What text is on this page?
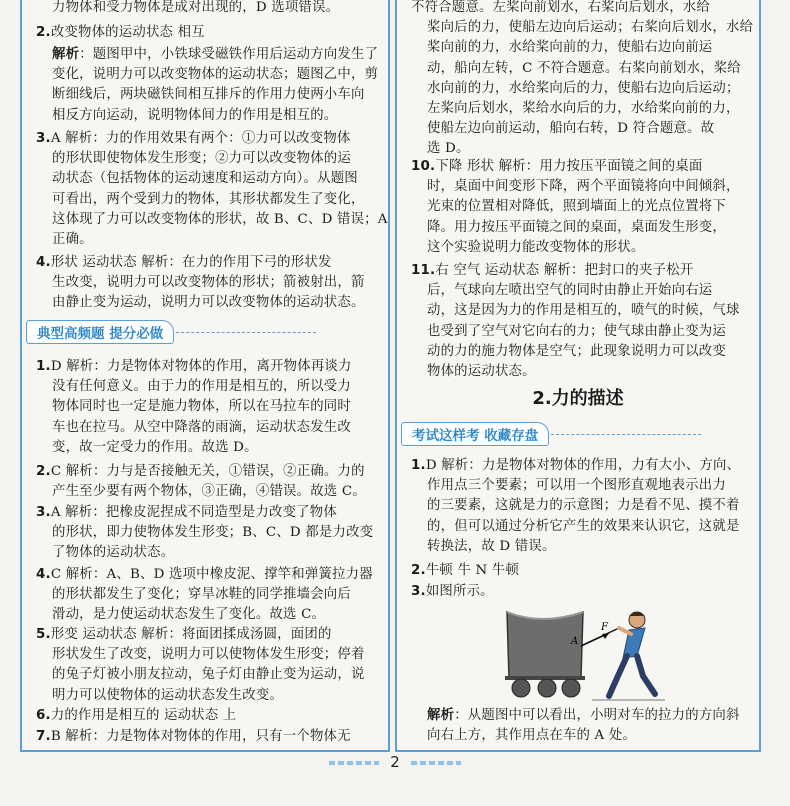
力物体和受力物体是成对出现的，D 选项错误。
2.改变物体的运动状态 相互
解析：题图甲中，小铁球受磁铁作用后运动方向发生了
变化，说明力可以改变物体的运动状态；题图乙中，剪
断细线后，两块磁铁间相互排斥的作用力使两小车向
相反方向运动，说明物体间力的作用是相互的。
3.A 解析：力的作用效果有两个：①力可以改变物体
的形状即使物体发生形变；②力可以改变物体的运
动状态（包括物体的运动速度和运动方向）。从题图
可看出，两个受到力的物体，其形状都发生了变化，
这体现了力可以改变物体的形状，故 B、C、D 错误；A
正确。
4.形状 运动状态 解析：在力的作用下弓的形状发
生改变，说明力可以改变物体的形状；箭被射出，箭
由静止变为运动，说明力可以改变物体的运动状态。
1.D 解析：力是物体对物体的作用，离开物体再谈力
没有任何意义。由于力的作用是相互的，所以受力
物体同时也一定是施力物体，所以在马拉车的同时
车也在拉马。从空中降落的雨滴，运动状态发生改
变，故一定受力的作用。故选 D。
2.C 解析：力与是否接触无关，①错误，②正确。力的
产生至少要有两个物体，③正确，④错误。故选 C。
3.A 解析：把橡皮泥捏成不同造型是力改变了物体
的形状，即力使物体发生形变；B、C、D 都是力改变
了物体的运动状态。
4.C 解析：A、B、D 选项中橡皮泥、撑竿和弹簧拉力器
的形状都发生了变化；穿旱冰鞋的同学推墙会向后
滑动，是力使运动状态发生了变化。故选 C。
5.形变 运动状态 解析：将面团揉成汤圆，面团的
形状发生了改变，说明力可以使物体发生形变；停着
的兔子灯被小朋友拉动，兔子灯由静止变为运动，说
明力可以使物体的运动状态发生改变。
6.力的作用是相互的 运动状态 上
7.B 解析：力是物体对物体的作用，只有一个物体无
典型高频题 提分必做
不符合题意。左桨向前划水，右桨向后划水，水给
桨向后的力，使船左边向后运动；右桨向后划水，水给
桨向前的力，水给桨向前的力，使船右边向前运
动，船向左转，C 不符合题意。右桨向前划水，桨给
水向前的力，水给桨向后的力，使船右边向后运动；
左桨向后划水，桨给水向后的力，水给桨向前的力，
使船左边向前运动，船向右转，D 符合题意。故
选 D。
10.下降 形状 解析：用力按压平面镜之间的桌面
时，桌面中间变形下降，两个平面镜将向中间倾斜，
光束的位置相对降低，照到墙面上的光点位置将下
降。用力按压平面镜之间的桌面，桌面发生形变，
这个实验说明力能改变物体的形状。
11.右 空气 运动状态 解析：把封口的夹子松开
后，气球向左喷出空气的同时由静止开始向右运
动，这是因为力的作用是相互的，喷气的时候，气球
也受到了空气对它向右的力；使气球由静止变为运
动的力的施力物体是空气；此现象说明力可以改变
物体的运动状态。
1.D 解析：力是物体对物体的作用，力有大小、方向、
作用点三个要素；可以用一个图形直观地表示出力
的三要素，这就是力的示意图；力是看不见、摸不着
的，但可以通过分析它产生的效果来认识它，这就是
转换法，故 D 错误。
2.牛顿 牛 N 牛顿
3.如图所示。
解析：从题图中可以看出，小明对车的拉力的方向斜
向右上方，其作用点在车的 A 处。
2.力的描述
考试这样考 收藏存盘
A
F
2
